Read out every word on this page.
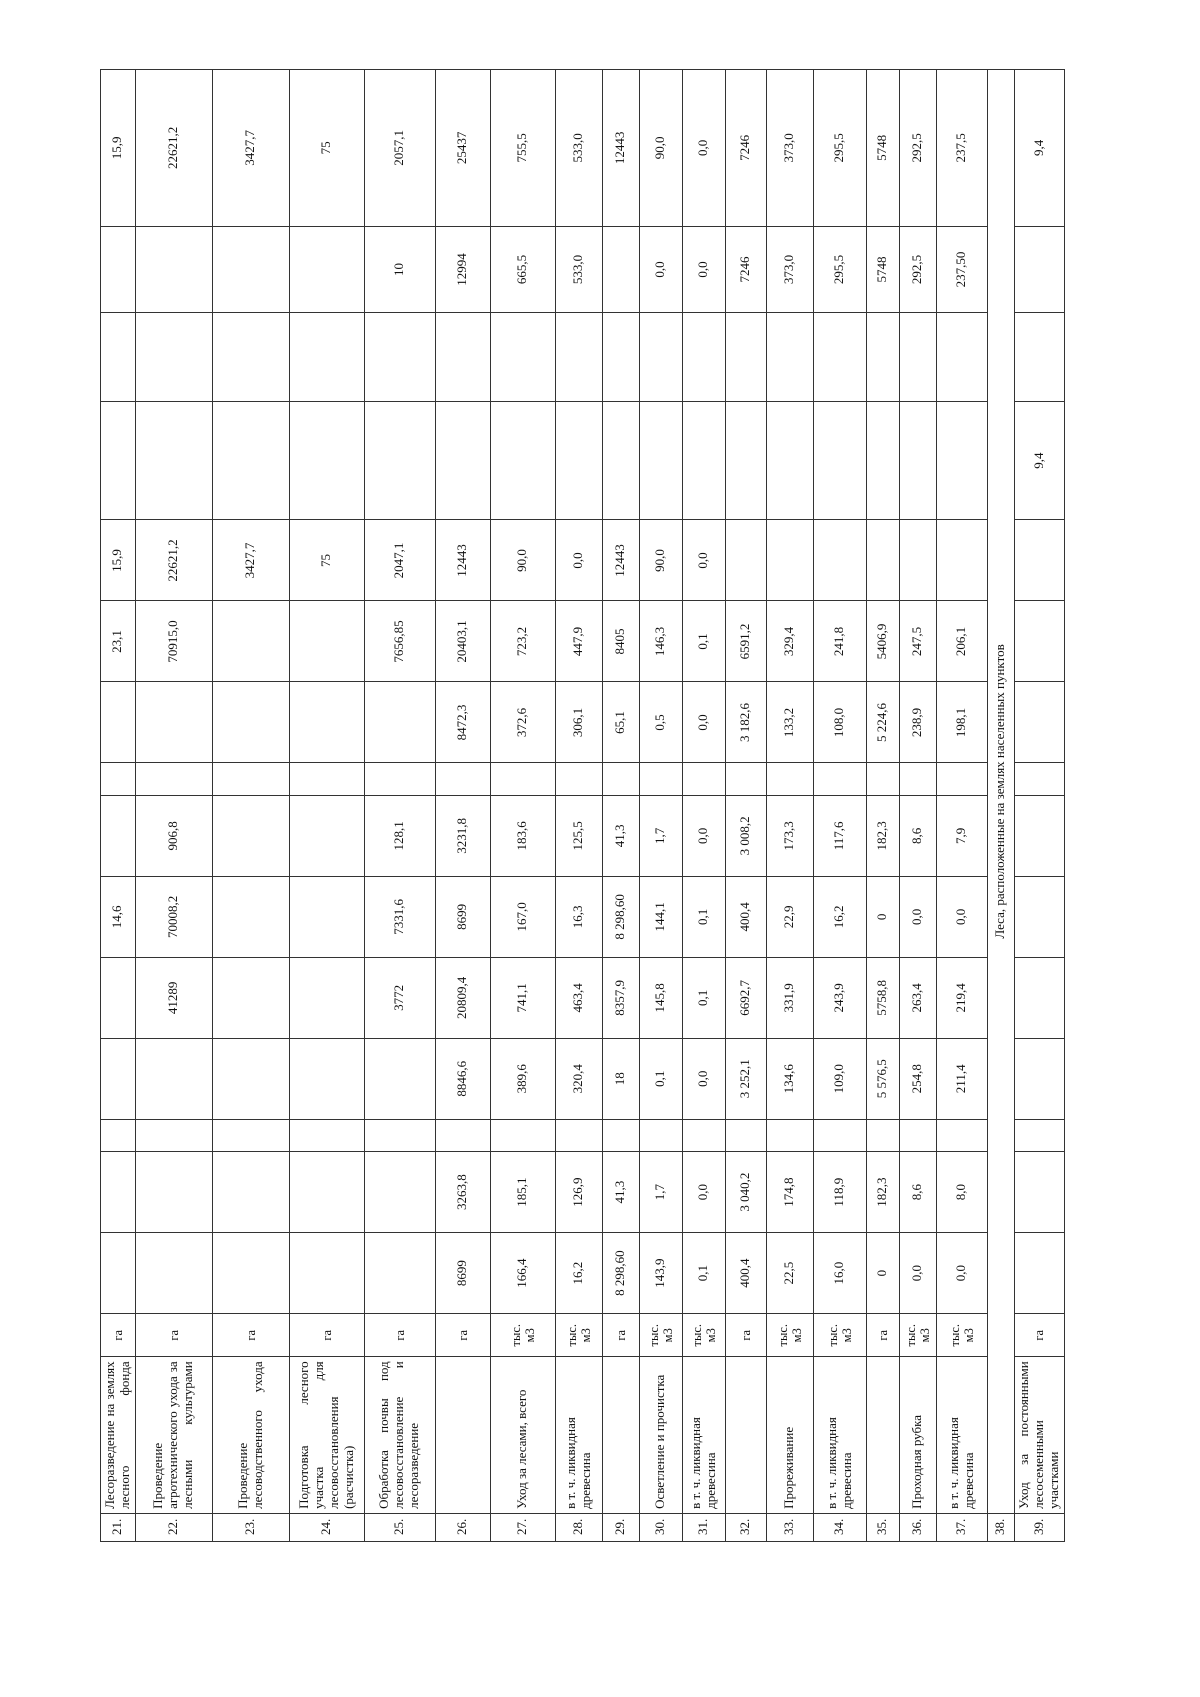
21.	Лесоразведение на землях лесного фонда	га						14,6				23,1	15,9				15,9
22.	Проведение агротехнического ухода за лесными культурами	га					41289	70008,2	906,8			70915,0	22621,2				22621,2
23.	Проведение лесоводственного ухода	га											3427,7				3427,7
24.	Подготовка лесного участка для лесовосстановления (расчистка)	га											75				75
25.	Обработка почвы под лесовосстановление и лесоразведение	га					3772	7331,6	128,1			7656,85	2047,1			10	2057,1
26.		га	8699	3263,8		8846,6	20809,4	8699	3231,8		8472,3	20403,1	12443			12994	25437
27.	Уход за лесами, всего	тыс. м3	166,4	185,1		389,6	741,1	167,0	183,6		372,6	723,2	90,0			665,5	755,5
28.	в т. ч. ликвидная древесина	тыс. м3	16,2	126,9		320,4	463,4	16,3	125,5		306,1	447,9	0,0			533,0	533,0
29.		га	8 298,60	41,3		18	8357,9	8 298,60	41,3		65,1	8405	12443				12443
30.	Осветление и прочистка	тыс. м3	143,9	1,7		0,1	145,8	144,1	1,7		0,5	146,3	90,0			0,0	90,0
31.	в т. ч. ликвидная древесина	тыс. м3	0,1	0,0		0,0	0,1	0,1	0,0		0,0	0,1	0,0			0,0	0,0
32.		га	400,4	3 040,2		3 252,1	6692,7	400,4	3 008,2		3 182,6	6591,2				7246	7246
33.	Прореживание	тыс. м3	22,5	174,8		134,6	331,9	22,9	173,3		133,2	329,4				373,0	373,0
34.	в т. ч. ликвидная древесина	тыс. м3	16,0	118,9		109,0	243,9	16,2	117,6		108,0	241,8				295,5	295,5
35.		га	0	182,3		5 576,5	5758,8	0	182,3		5 224,6	5406,9				5748	5748
36.	Проходная рубка	тыс. м3	0,0	8,6		254,8	263,4	0,0	8,6		238,9	247,5				292,5	292,5
37.	в т. ч. ликвидная древесина	тыс. м3	0,0	8,0		211,4	219,4	0,0	7,9		198,1	206,1				237,50	237,5
38.	Леса, расположенные на землях населенных пунктов																
39.	Уход за постоянными лесосеменными участками	га												9,4			9,4
